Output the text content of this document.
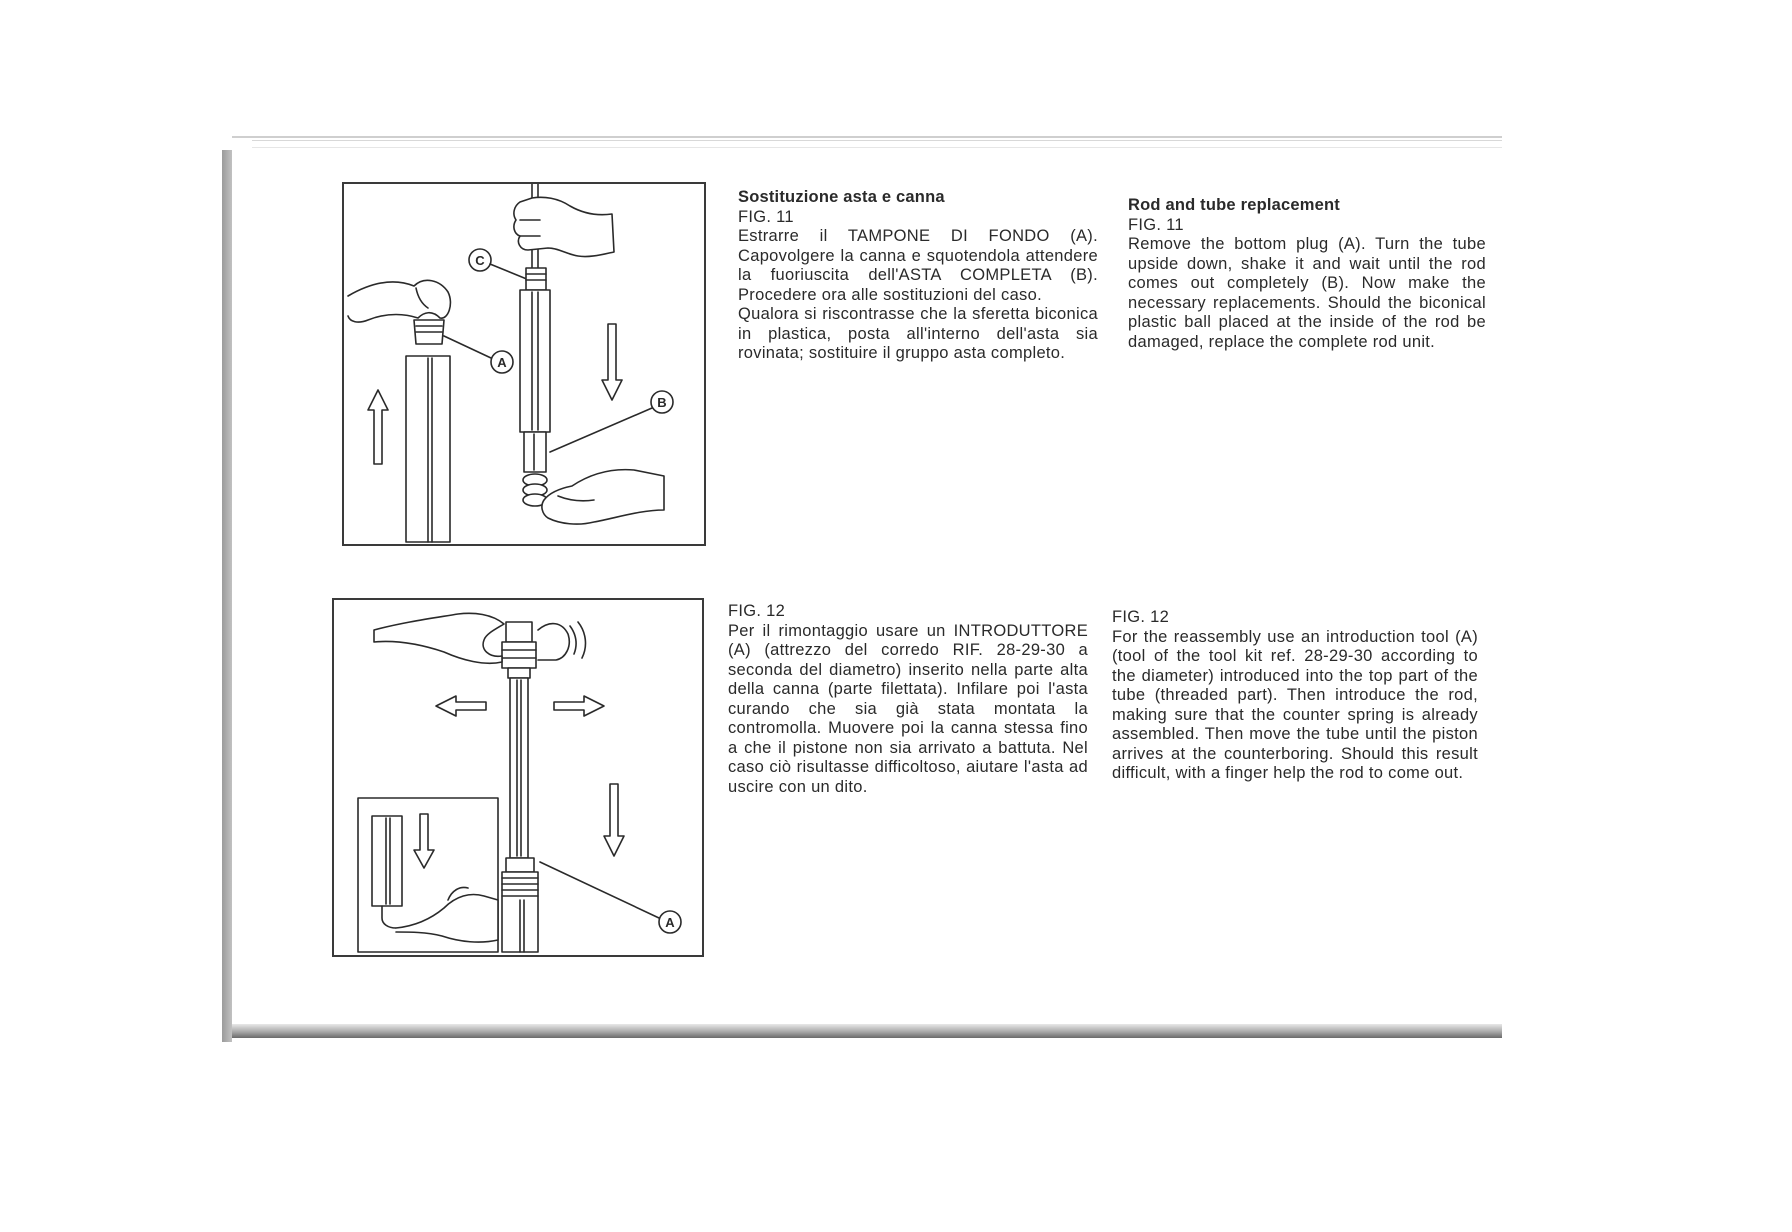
C
A
B
A
Sostituzione asta e canna
FIG. 11

Estrarre il TAMPONE DI FONDO (A). Capovolgere la canna e squotendola attendere la fuoriuscita dell'ASTA COMPLETA (B). Procedere ora alle sostituzioni del caso.

Qualora si riscontrasse che la sferetta biconica in plastica, posta all'interno dell'asta sia rovinata; sostituire il gruppo asta completo.

Rod and tube replacement
FIG. 11

Remove the bottom plug (A). Turn the tube upside down, shake it and wait until the rod comes out completely (B). Now make the necessary replacements. Should the biconical plastic ball placed at the inside of the rod be damaged, replace the complete rod unit.

FIG. 12

Per il rimontaggio usare un INTRODUTTORE (A) (attrezzo del corredo RIF. 28-29-30 a seconda del diametro) inserito nella parte alta della canna (parte filettata). Infilare poi l'asta curando che sia già stata montata la contromolla. Muovere poi la canna stessa fino a che il pistone non sia arrivato a battuta. Nel caso ciò risultasse difficoltoso, aiutare l'asta ad uscire con un dito.

FIG. 12

For the reassembly use an introduction tool (A) (tool of the tool kit ref. 28-29-30 according to the diameter) introduced into the top part of the tube (threaded part). Then introduce the rod, making sure that the counter spring is already assembled. Then move the tube until the piston arrives at the counterboring. Should this result difficult, with a finger help the rod to come out.
